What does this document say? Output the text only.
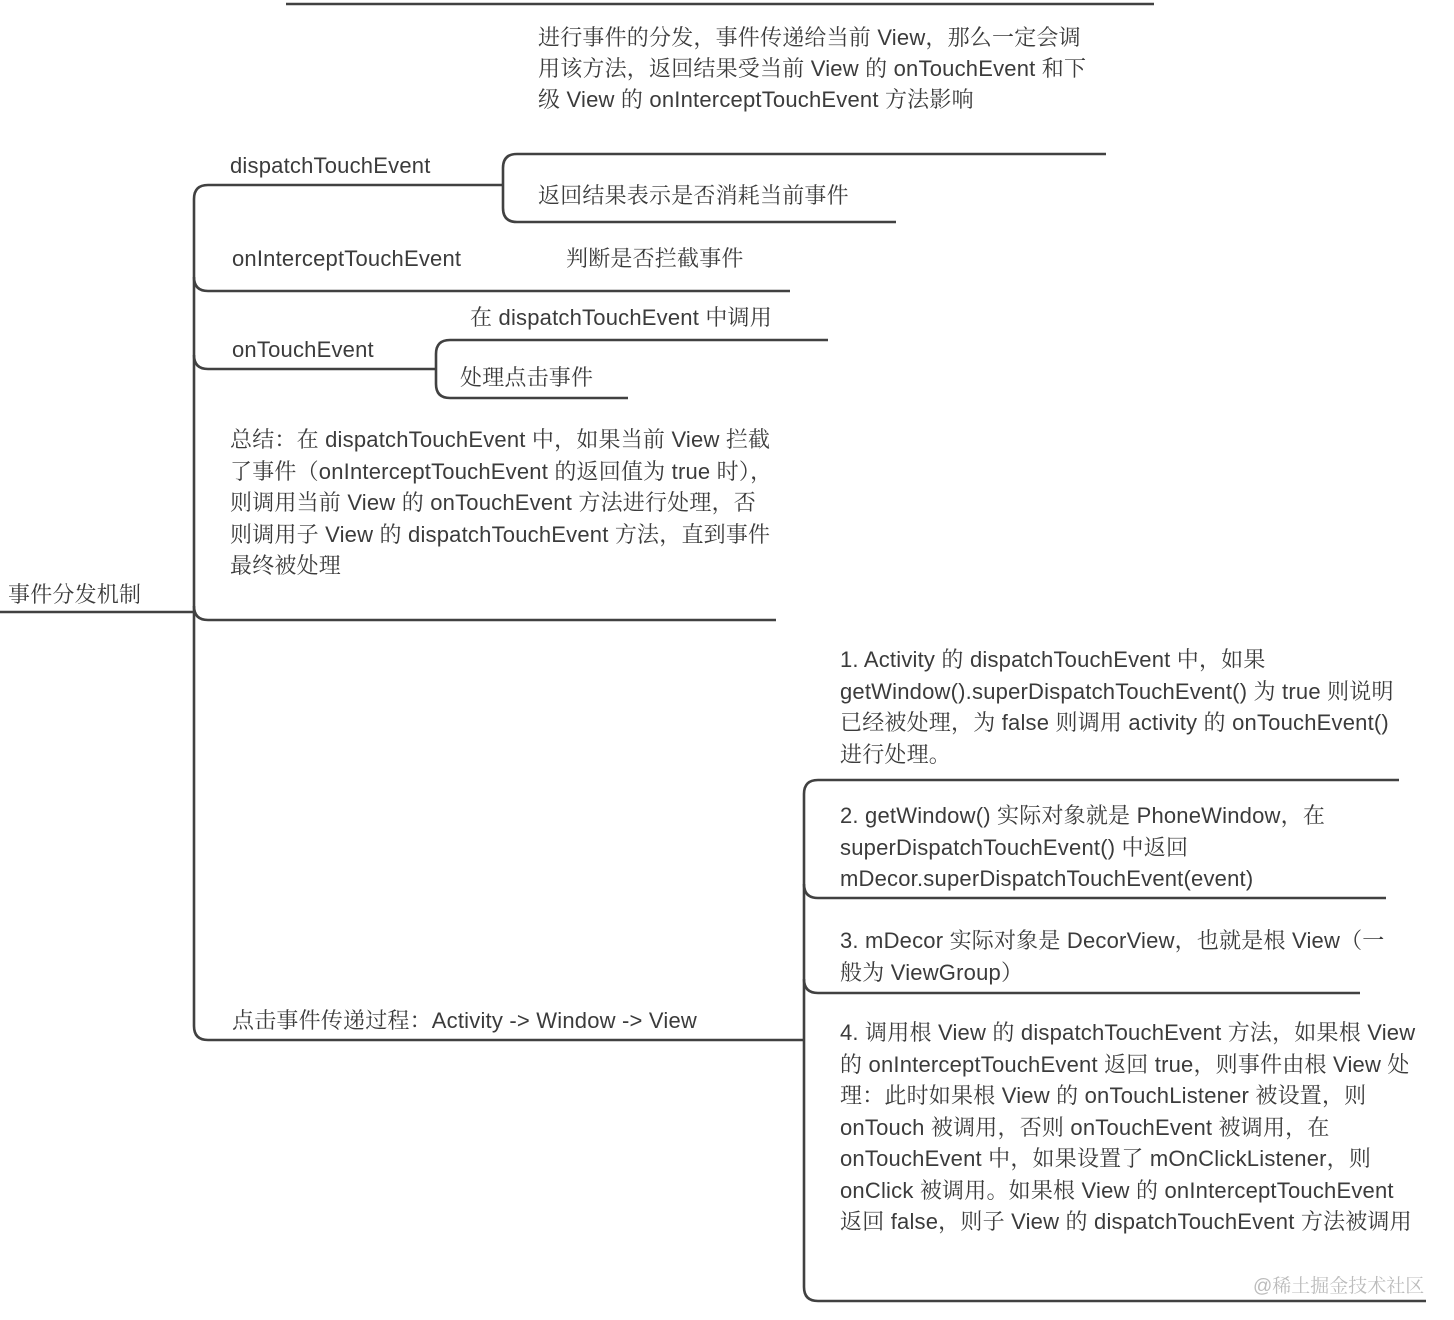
事件分发机制
进行事件的分发，事件传递给当前 View，那么一定会调用该方法，返回结果受当前 View 的 onTouchEvent 和下级 View 的 onInterceptTouchEvent 方法影响
dispatchTouchEvent
返回结果表示是否消耗当前事件
onInterceptTouchEvent	判断是否拦截事件
在 dispatchTouchEvent 中调用
onTouchEvent
处理点击事件
总结：在 dispatchTouchEvent 中，如果当前 View 拦截了事件（onInterceptTouchEvent 的返回值为 true 时），则调用当前 View 的 onTouchEvent 方法进行处理，否则调用子 View 的 dispatchTouchEvent 方法，直到事件最终被处理
点击事件传递过程：Activity -> Window -> View
1. Activity 的 dispatchTouchEvent 中，如果 getWindow().superDispatchTouchEvent() 为 true 则说明已经被处理，为 false 则调用 activity 的 onTouchEvent() 进行处理。
2. getWindow() 实际对象就是 PhoneWindow，在 superDispatchTouchEvent() 中返回 mDecor.superDispatchTouchEvent(event)
3. mDecor 实际对象是 DecorView，也就是根 View（一般为 ViewGroup）
4. 调用根 View 的 dispatchTouchEvent 方法，如果根 View 的 onInterceptTouchEvent 返回 true，则事件由根 View 处理：此时如果根 View 的 onTouchListener 被设置，则 onTouch 被调用，否则 onTouchEvent 被调用，在 onTouchEvent 中，如果设置了 mOnClickListener，则 onClick 被调用。如果根 View 的 onInterceptTouchEvent 返回 false，则子 View 的 dispatchTouchEvent 方法被调用
@稀土掘金技术社区
